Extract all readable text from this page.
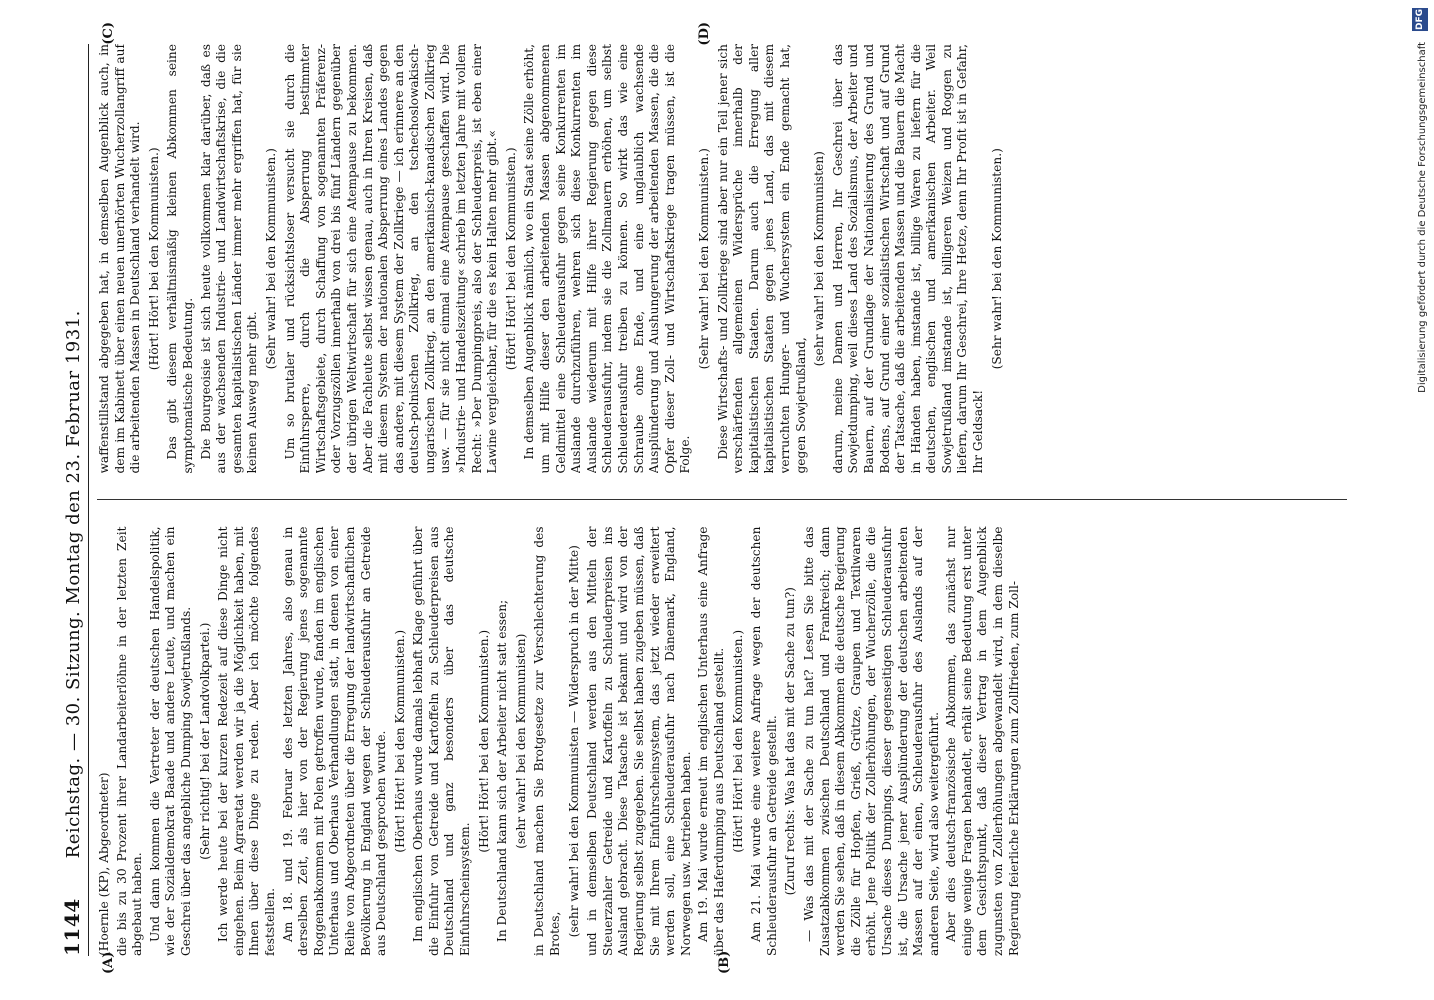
1144
Reichstag. — 30. Sitzung. Montag den 23. Februar 1931.
(A)	(B)

(Hoernle (KP), Abgeordneter) die bis zu 30 Prozent ihrer Landarbeiterlöhne in der letzten Zeit abgebaut haben. Und dann kommen die Vertreter der deutschen Handelspolitik, wie der Sozialdemokrat Baade und andere Leute, und machen ein Geschrei über das angebliche Dumping Sowjetrußlands. (Sehr richtig! bei der Landvolkpartei.) Ich werde heute bei der kurzen Redezeit auf diese Dinge nicht eingehen. Beim Agraretat werden wir ja die Möglichkeit haben, mit Ihnen über diese Dinge zu reden. Aber ich möchte folgendes feststellen. Am 18. und 19. Februar des letzten Jahres, also genau in derselben Zeit, als hier von der Regierung jenes sogenannte Roggenabkommen mit Polen getroffen wurde, fanden im englischen Unterhaus und Oberhaus Verhandlungen statt, in denen von einer Reihe von Abgeordneten über die Erregung der landwirtschaftlichen Bevölkerung in England wegen der Schleuderausfuhr an Getreide aus Deutschland gesprochen wurde. (Hört! Hört! bei den Kommunisten.) Im englischen Oberhaus wurde damals lebhaft Klage geführt über die Einfuhr von Getreide und Kartoffeln zu Schleuderpreisen aus Deutschland und ganz besonders über das deutsche Einfuhrscheinsystem.

(Hört! Hört! bei den Kommunisten.) In Deutschland kann sich der Arbeiter nicht satt essen; (sehr wahr! bei den Kommunisten) in Deutschland machen Sie Brotgesetze zur Verschlechterung des Brotes, (sehr wahr! bei den Kommunisten — Widerspruch in der Mitte) und in demselben Deutschland werden aus den Mitteln der Steuerzahler Getreide und Kartoffeln zu Schleuderpreisen ins Ausland gebracht. Diese Tatsache ist bekannt und wird von der Regierung selbst zugegeben. Sie selbst haben zugeben müssen, daß Sie mit Ihrem Einfuhrscheinsystem, das jetzt wieder erweitert werden soll, eine Schleuderausfuhr nach Dänemark, England, Norwegen usw. betrieben haben. Am 19. Mai wurde erneut im englischen Unterhaus eine Anfrage über das Haferdumping aus Deutschland gestellt. (Hört! Hört! bei den Kommunisten.) Am 21. Mai wurde eine weitere Anfrage wegen der deutschen Schleuderausfuhr an Getreide gestellt. (Zuruf rechts: Was hat das mit der Sache zu tun?) — Was das mit der Sache zu tun hat? Lesen Sie bitte das Zusatzabkommen zwischen Deutschland und Frankreich; dann werden Sie sehen, daß in diesem Abkommen die deutsche Regierung die Zölle für Hopfen, Grieß, Grütze, Graupen und Textilwaren erhöht. Jene Politik der Zollerhöhungen, der Wucherzölle, die die Ursache dieses Dumpings, dieser gegenseitigen Schleuderausfuhr ist, die Ursache jener Ausplünderung der deutschen arbeitenden Massen auf der einen, Schleuderausfuhr des Auslands auf der anderen Seite, wird also weitergeführt. Aber dies deutsch-französische Abkommen, das zunächst nur einige wenige Fragen behandelt, erhält seine Bedeutung erst unter dem Gesichtspunkt, daß dieser Vertrag in dem Augenblick zugunsten von Zollerhöhungen abgewandelt wird, in dem dieselbe Regierung feierliche Erklärungen zum Zollfrieden, zum Zoll-

waffenstillstand abgegeben hat, in demselben Augenblick auch, in dem im Kabinett über einen neuen unerhörten Wucherzollangriff auf die arbeitenden Massen in Deutschland verhandelt wird. (Hört! Hört! bei den Kommunisten.) Das gibt diesem verhältnismäßig kleinen Abkommen seine symptomatische Bedeutung. Die Bourgeoisie ist sich heute vollkommen klar darüber, daß es aus der wachsenden Industrie- und Landwirtschaftskrise, die die gesamten kapitalistischen Länder immer mehr ergriffen hat, für sie keinen Ausweg mehr gibt.

(Sehr wahr! bei den Kommunisten.) Um so brutaler und rücksichtsloser versucht sie durch die Einfuhrsperre, durch die Absperrung bestimmter Wirtschaftsgebiete, durch Schaffung von sogenannten Präferenz- oder Vorzugszöllen innerhalb von drei bis fünf Ländern gegenüber der übrigen Weltwirtschaft für sich eine Atempause zu bekommen. Aber die Fachleute selbst wissen genau, auch in Ihren Kreisen, daß mit diesem System der nationalen Absperrung eines Landes gegen das andere, mit diesem System der Zollkriege — ich erinnere an den deutsch-polnischen Zollkrieg, an den tschechoslowakisch-ungarischen Zollkrieg, an den amerikanisch-kanadischen Zollkrieg usw. — für sie nicht einmal eine Atempause geschaffen wird. Die »Industrie- und Handelszeitung« schrieb im letzten Jahre mit vollem Recht: »Der Dumpingpreis, also der Schleuderpreis, ist eben einer Lawine vergleichbar, für die es kein Halten mehr gibt.« (Hört! Hört! bei den Kommunisten.) In demselben Augenblick nämlich, wo ein Staat seine Zölle erhöht, um mit Hilfe dieser den arbeitenden Massen abgenommenen Geldmittel eine Schleuderausfuhr gegen seine Konkurrenten im Auslande durchzuführen, wehren sich diese Konkurrenten im Auslande wiederum mit Hilfe ihrer Regierung gegen diese Schleuderausfuhr, indem sie die Zollmauern erhöhen, um selbst Schleuderausfuhr treiben zu können. So wirkt das wie eine Schraube ohne Ende, und eine unglaublich wachsende Ausplünderung und Aushungerung der arbeitenden Massen, die die Opfer dieser Zoll- und Wirtschaftskriege tragen müssen, ist die Folge.

(Sehr wahr! bei den Kommunisten.) Diese Wirtschafts- und Zollkriege sind aber nur ein Teil jener sich verschärfenden allgemeinen Widersprüche innerhalb der kapitalistischen Staaten. Darum auch die Erregung aller kapitalistischen Staaten gegen jenes Land, das mit diesem verruchten Hunger- und Wuchersystem ein Ende gemacht hat, gegen Sowjetrußland,

(sehr wahr! bei den Kommunisten) darum, meine Damen und Herren, Ihr Geschrei über das Sowjetdumping, weil dieses Land des Sozialismus, der Arbeiter und Bauern, auf der Grundlage der Nationalisierung des Grund und Bodens, auf Grund einer sozialistischen Wirtschaft und auf Grund der Tatsache, daß die arbeitenden Massen und die Bauern die Macht in Händen haben, imstande ist, billige Waren zu liefern für die deutschen, englischen und amerikanischen Arbeiter. Weil Sowjetrußland imstande ist, billigeren Weizen und Roggen zu liefern, darum Ihr Geschrei, Ihre Hetze, denn Ihr Profit ist in Gefahr, Ihr Geldsack!

(Sehr wahr! bei den Kommunisten.)

(C)	(D)
DFG
Digitalisierung gefördert durch die Deutsche Forschungsgemeinschaft
